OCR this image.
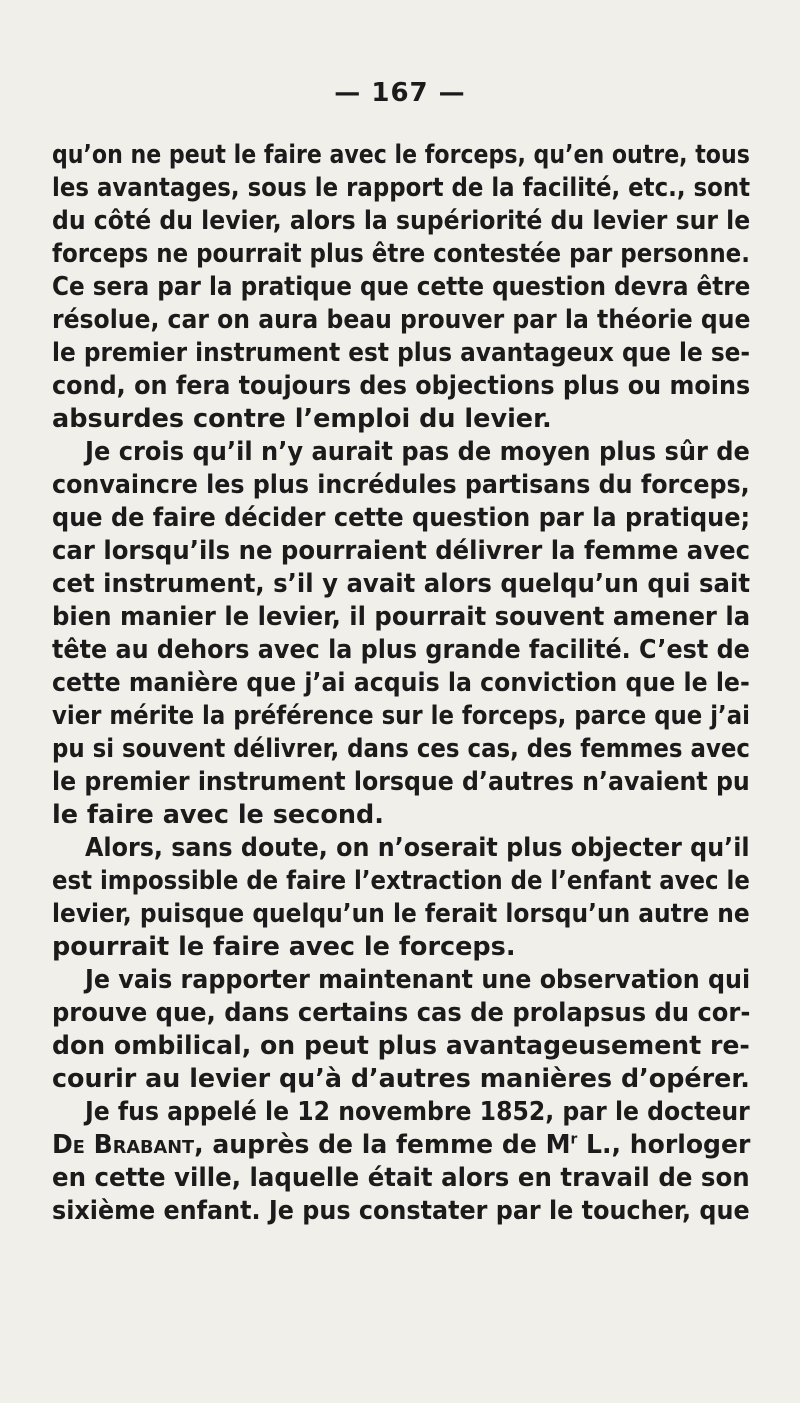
— 167 —
qu’on ne peut le faire avec le forceps, qu’en outre, tous
les avantages, sous le rapport de la facilité, etc., sont
du côté du levier, alors la supériorité du levier sur le
forceps ne pourrait plus être contestée par personne.
Ce sera par la pratique que cette question devra être
résolue, car on aura beau prouver par la théorie que
le premier instrument est plus avantageux que le se-
cond, on fera toujours des objections plus ou moins
absurdes contre l’emploi du levier.
Je crois qu’il n’y aurait pas de moyen plus sûr de
convaincre les plus incrédules partisans du forceps,
que de faire décider cette question par la pratique;
car lorsqu’ils ne pourraient délivrer la femme avec
cet instrument, s’il y avait alors quelqu’un qui sait
bien manier le levier, il pourrait souvent amener la
tête au dehors avec la plus grande facilité. C’est de
cette manière que j’ai acquis la conviction que le le-
vier mérite la préférence sur le forceps, parce que j’ai
pu si souvent délivrer, dans ces cas, des femmes avec
le premier instrument lorsque d’autres n’avaient pu
le faire avec le second.
Alors, sans doute, on n’oserait plus objecter qu’il
est impossible de faire l’extraction de l’enfant avec le
levier, puisque quelqu’un le ferait lorsqu’un autre ne
pourrait le faire avec le forceps.
Je vais rapporter maintenant une observation qui
prouve que, dans certains cas de prolapsus du cor-
don ombilical, on peut plus avantageusement re-
courir au levier qu’à d’autres manières d’opérer.
Je fus appelé le 12 novembre 1852, par le docteur
De Brabant, auprès de la femme de $M^r$ L., horloger
en cette ville, laquelle était alors en travail de son
sixième enfant. Je pus constater par le toucher, que
